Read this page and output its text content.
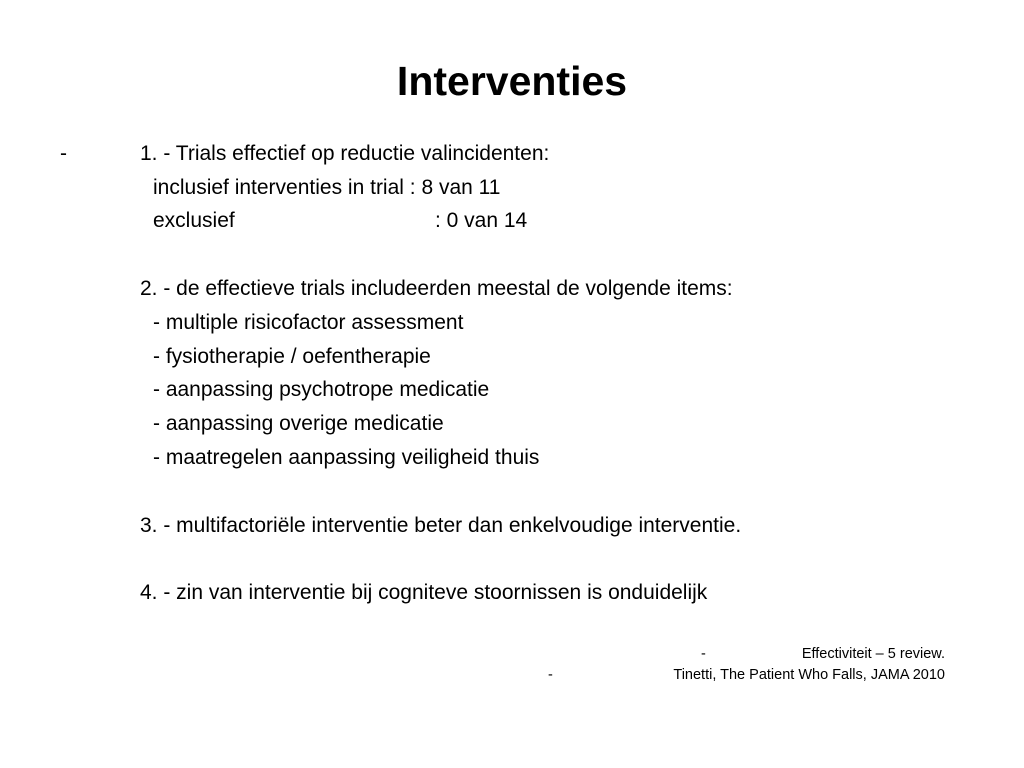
Interventies
-	1. - Trials effectief op reductie valincidenten:
inclusief interventies in trial : 8 van 11
exclusief	: 0 van 14
2. - de effectieve trials includeerden meestal de volgende items:
- multiple risicofactor assessment
- fysiotherapie / oefentherapie
- aanpassing psychotrope medicatie
- aanpassing overige medicatie
- maatregelen aanpassing veiligheid thuis
3. - multifactoriële interventie beter dan enkelvoudige interventie.
4. - zin van interventie bij cogniteve stoornissen is onduidelijk
-	Effectiviteit – 5 review.
-	Tinetti, The Patient Who Falls, JAMA 2010
